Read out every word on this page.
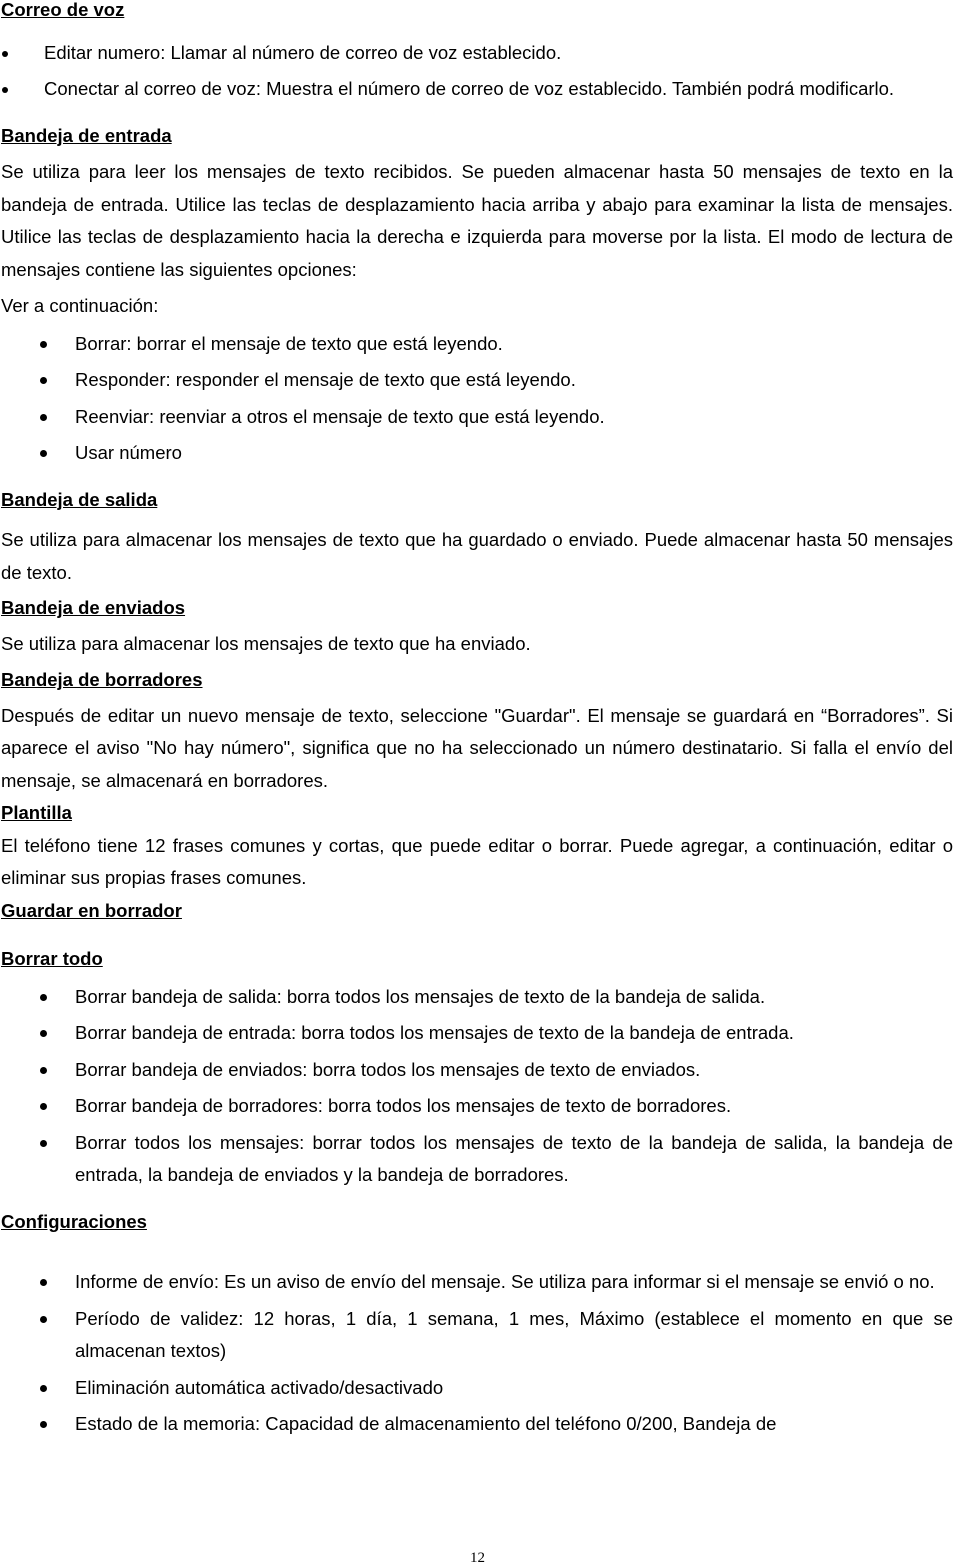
Correo de voz
Editar numero: Llamar al número de correo de voz establecido.
Conectar al correo de voz: Muestra el número de correo de voz establecido. También podrá modificarlo.
Bandeja de entrada

Se utiliza para leer los mensajes de texto recibidos. Se pueden almacenar hasta 50 mensajes de texto en la bandeja de entrada. Utilice las teclas de desplazamiento hacia arriba y abajo para examinar la lista de mensajes. Utilice las teclas de desplazamiento hacia la derecha e izquierda para moverse por la lista. El modo de lectura de mensajes contiene las siguientes opciones:

Ver a continuación:

Borrar: borrar el mensaje de texto que está leyendo.
Responder: responder el mensaje de texto que está leyendo.
Reenviar: reenviar a otros el mensaje de texto que está leyendo.
Usar número
Bandeja de salida

Se utiliza para almacenar los mensajes de texto que ha guardado o enviado. Puede almacenar hasta 50 mensajes de texto.

Bandeja de enviados

Se utiliza para almacenar los mensajes de texto que ha enviado.

Bandeja de borradores

Después de editar un nuevo mensaje de texto, seleccione "Guardar". El mensaje se guardará en “Borradores”. Si aparece el aviso "No hay número", significa que no ha seleccionado un número destinatario. Si falla el envío del mensaje, se almacenará en borradores.

Plantilla

El teléfono tiene 12 frases comunes y cortas, que puede editar o borrar. Puede agregar, a continuación, editar o eliminar sus propias frases comunes.

Guardar en borrador
Borrar todo
Borrar bandeja de salida: borra todos los mensajes de texto de la bandeja de salida.
Borrar bandeja de entrada: borra todos los mensajes de texto de la bandeja de entrada.
Borrar bandeja de enviados: borra todos los mensajes de texto de enviados.
Borrar bandeja de borradores: borra todos los mensajes de texto de borradores.
Borrar todos los mensajes: borrar todos los mensajes de texto de la bandeja de salida, la bandeja de entrada, la bandeja de enviados y la bandeja de borradores.
Configuraciones
Informe de envío: Es un aviso de envío del mensaje. Se utiliza para informar si el mensaje se envió o no.
Período de validez: 12 horas, 1 día, 1 semana, 1 mes, Máximo (establece el momento en que se almacenan textos)
Eliminación automática activado/desactivado
Estado de la memoria: Capacidad de almacenamiento del teléfono 0/200, Bandeja de
12
